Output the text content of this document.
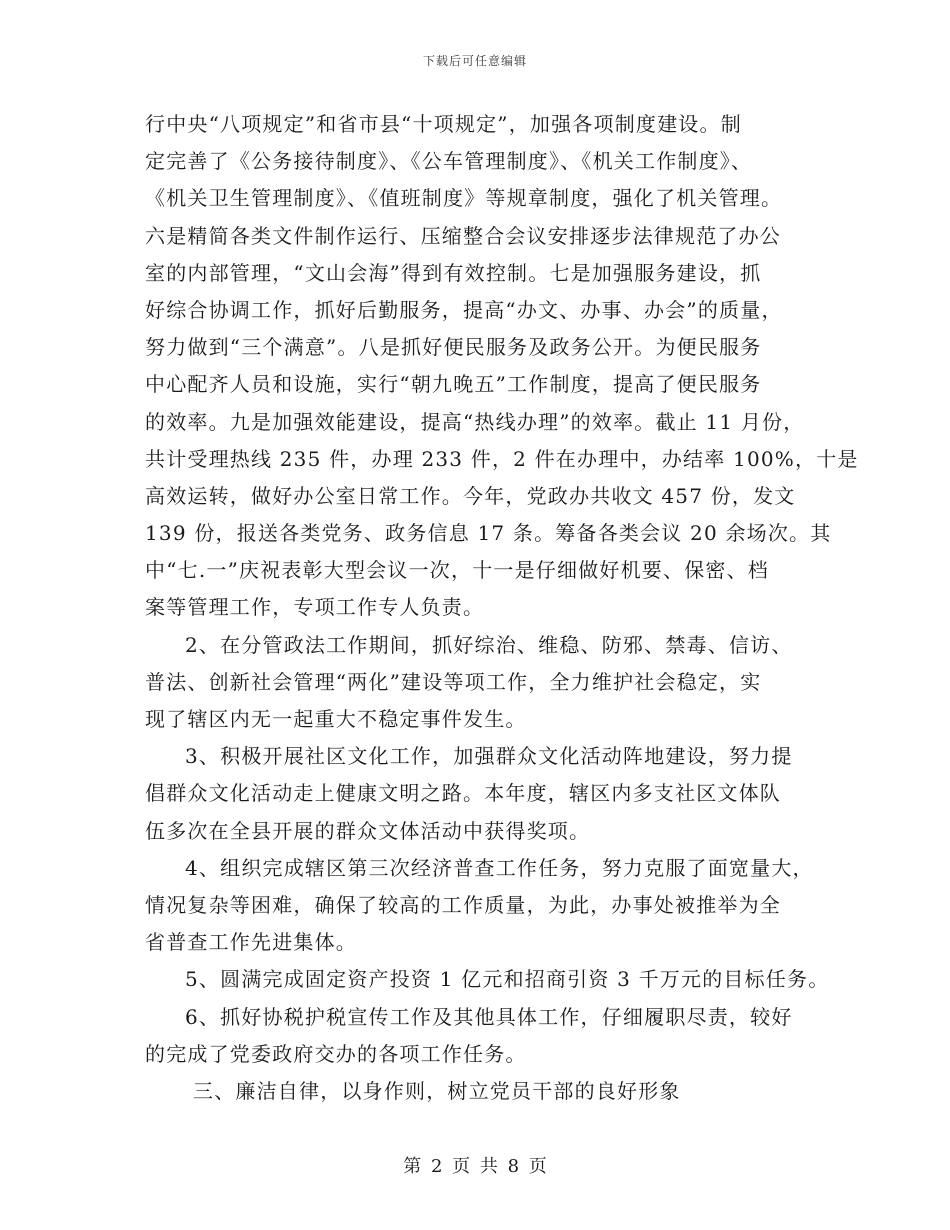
下载后可任意编辑
行中央“八项规定”和省市县“十项规定”，加强各项制度建设。制
定完善了《公务接待制度》、《公车管理制度》、《机关工作制度》、
《机关卫生管理制度》、《值班制度》等规章制度，强化了机关管理。
六是精简各类文件制作运行、压缩整合会议安排逐步法律规范了办公
室的内部管理，“文山会海”得到有效控制。七是加强服务建设，抓
好综合协调工作，抓好后勤服务，提高“办文、办事、办会”的质量，
努力做到“三个满意”。八是抓好便民服务及政务公开。为便民服务
中心配齐人员和设施，实行“朝九晚五”工作制度，提高了便民服务
的效率。九是加强效能建设，提高“热线办理”的效率。截止 11 月份，
共计受理热线 235 件，办理 233 件，2 件在办理中，办结率 100%，十是
高效运转，做好办公室日常工作。今年，党政办共收文 457 份，发文
139 份，报送各类党务、政务信息 17 条。筹备各类会议 20 余场次。其
中“七.一”庆祝表彰大型会议一次，十一是仔细做好机要、保密、档
案等管理工作，专项工作专人负责。
2、在分管政法工作期间，抓好综治、维稳、防邪、禁毒、信访、
普法、创新社会管理“两化”建设等项工作，全力维护社会稳定，实
现了辖区内无一起重大不稳定事件发生。
3、积极开展社区文化工作，加强群众文化活动阵地建设，努力提
倡群众文化活动走上健康文明之路。本年度，辖区内多支社区文体队
伍多次在全县开展的群众文体活动中获得奖项。
4、组织完成辖区第三次经济普查工作任务，努力克服了面宽量大，
情况复杂等困难，确保了较高的工作质量，为此，办事处被推举为全
省普查工作先进集体。
5、圆满完成固定资产投资 1 亿元和招商引资 3 千万元的目标任务。
6、抓好协税护税宣传工作及其他具体工作，仔细履职尽责，较好
的完成了党委政府交办的各项工作任务。
三、廉洁自律，以身作则，树立党员干部的良好形象
第 2 页 共 8 页
